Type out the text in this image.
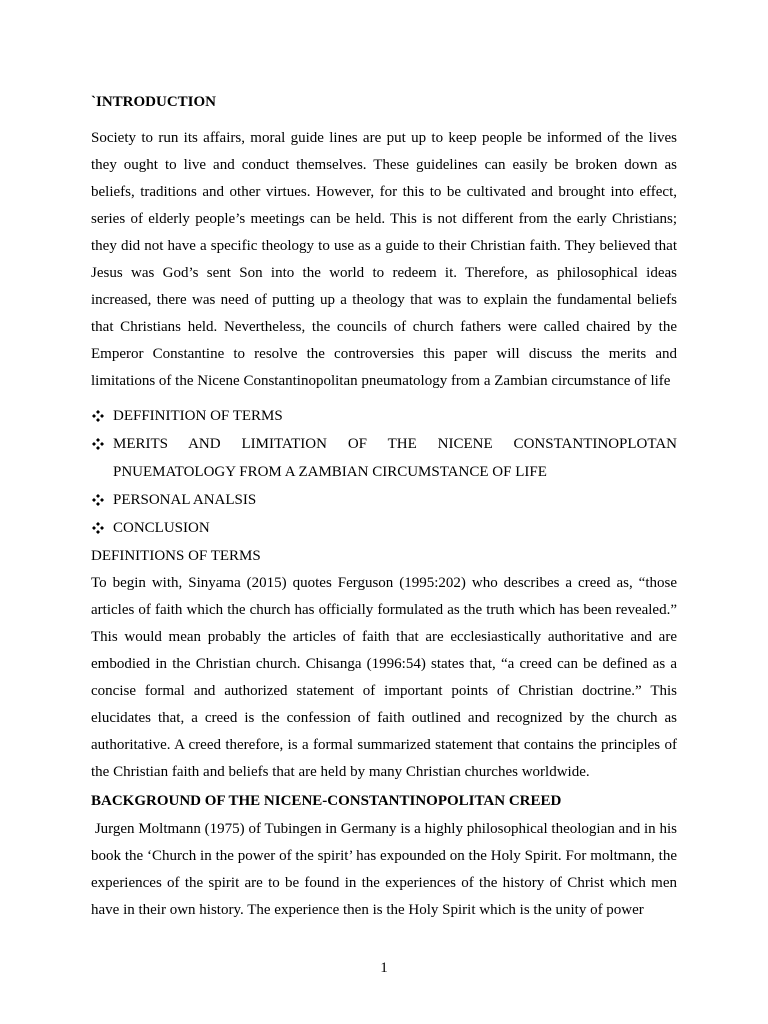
`INTRODUCTION

Society to run its affairs, moral guide lines are put up to keep people be informed of the lives they ought to live and conduct themselves. These guidelines can easily be broken down as beliefs, traditions and other virtues. However, for this to be cultivated and brought into effect, series of elderly people’s meetings can be held. This is not different from the early Christians; they did not have a specific theology to use as a guide to their Christian faith. They believed that Jesus was God’s sent Son into the world to redeem it. Therefore, as philosophical ideas increased, there was need of putting up a theology that was to explain the fundamental beliefs that Christians held. Nevertheless, the councils of church fathers were called chaired by the Emperor Constantine to resolve the controversies this paper will discuss the merits and limitations of the Nicene Constantinopolitan pneumatology from a Zambian circumstance of life

DEFFINITION OF TERMS
MERITS AND LIMITATION OF THE NICENE CONSTANTINOPLOTAN
PNUEMATOLOGY FROM A ZAMBIAN CIRCUMSTANCE OF LIFE
PERSONAL ANALSIS
CONCLUSION

DEFINITIONS OF TERMS

To begin with, Sinyama (2015) quotes Ferguson (1995:202) who describes a creed as, “those articles of faith which the church has officially formulated as the truth which has been revealed.” This would mean probably the articles of faith that are ecclesiastically authoritative and are embodied in the Christian church. Chisanga (1996:54) states that, “a creed can be defined as a concise formal and authorized statement of important points of Christian doctrine.” This elucidates that, a creed is the confession of faith outlined and recognized by the church as authoritative. A creed therefore, is a formal summarized statement that contains the principles of the Christian faith and beliefs that are held by many Christian churches worldwide.

BACKGROUND OF THE NICENE-CONSTANTINOPOLITAN CREED

Jurgen Moltmann (1975) of Tubingen in Germany is a highly philosophical theologian and in his book the ‘Church in the power of the spirit’ has expounded on the Holy Spirit. For moltmann, the experiences of the spirit are to be found in the experiences of the history of Christ which men have in their own history. The experience then is the Holy Spirit which is the unity of power

1
